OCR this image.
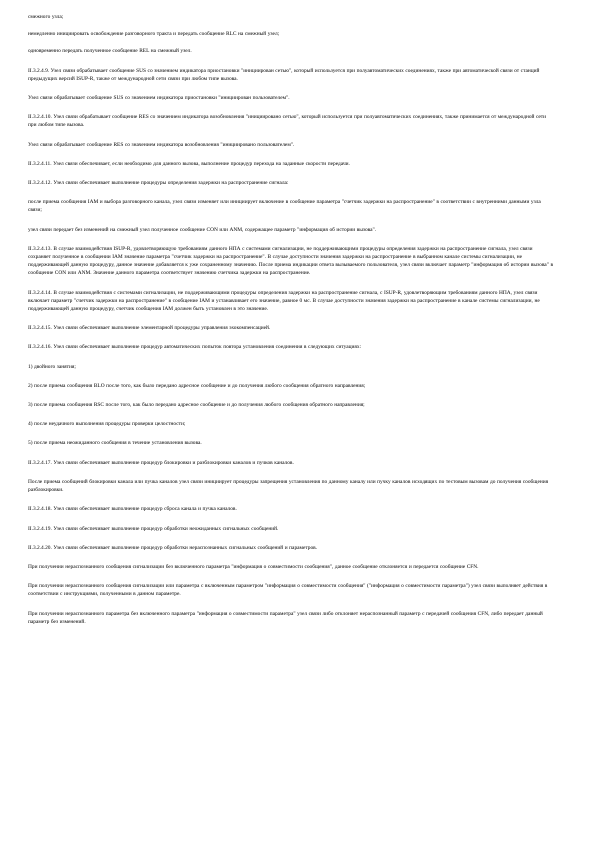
смежного узла;

немедленно инициировать освобождение разговорного тракта и передать сообщение RLC на смежный узел;

одновременно передать полученное сообщение REL на смежный узел.

II.3.2.4.9. Узел связи обрабатывает сообщение SUS со значением индикатора приостановки "инициирован сетью", который используется при полуавтоматических соединениях, также при автоматической связи от станций предыдущих версий ISUP-R, также от международной сети связи при любом типе вызова.

Узел связи обрабатывает сообщение SUS со значением индикатора приостановки "инициирован пользователем".

II.3.2.4.10. Узел связи обрабатывает сообщение RES со значением индикатора возобновления "инициировано сетью", который используется при полуавтоматических соединениях, также принимается от международной сети при любом типе вызова.

Узел связи обрабатывает сообщение RES со значением индикатора возобновления "инициировано пользователем".

II.3.2.4.11. Узел связи обеспечивает, если необходимо для данного вызова, выполнение процедур перехода на заданные скорости передачи.

II.3.2.4.12. Узел связи обеспечивает выполнение процедуры определения задержки на распространение сигнала:

после приема сообщения IAM и выбора разговорного канала, узел связи изменяет или инициирует включение в сообщение параметра "счетчик задержки на распространение" в соответствии с внутренними данными узла связи;

узел связи передает без изменений на смежный узел полученное сообщение CON или ANM, содержащее параметр "информация об истории вызова".

II.3.2.4.13. В случае взаимодействия ISUP-R, удовлетворяющую требованиям данного НПА с системами сигнализации, не поддерживающими процедуры определения задержки на распространение сигнала, узел связи сохраняет полученное в сообщении IAM значение параметра "счетчик задержки на распространение". В случае доступности значения задержки на распространение в выбранном канале системы сигнализации, не поддерживающей данную процедуру, данное значение добавляется к уже сохраненному значению. После приема индикации ответа вызываемого пользователя, узел связи включает параметр "информация об истории вызова" в сообщение CON или ANM. Значение данного параметра соответствует значению счетчика задержки на распространение.

II.3.2.4.14. В случае взаимодействия с системами сигнализации, не поддерживающими процедуры определения задержки на распространение сигнала, с ISUP-R, удовлетворяющим требованиям данного НПА, узел связи включает параметр "счетчик задержки на распространение" в сообщение IAM и устанавливает его значение, равное 0 мс. В случае доступности значения задержки на распространение в канале системы сигнализации, не поддерживающей данную процедуру, счетчик сообщения IAM должен быть установлен в это значение.

II.3.2.4.15. Узел связи обеспечивает выполнение элементарной процедуры управления эхокомпенсацией.

II.3.2.4.16. Узел связи обеспечивает выполнение процедур автоматических попыток повтора установления соединения в следующих ситуациях:

1) двойного занятия;

2) после приема сообщения BLO после того, как было передано адресное сообщение и до получения любого сообщения обратного направления;

3) после приема сообщения RSC после того, как было передано адресное сообщение и до получения любого сообщения обратного направления;

4) после неудачного выполнения процедуры проверки целостности;

5) после приема неожиданного сообщения в течение установления вызова.

II.3.2.4.17. Узел связи обеспечивает выполнение процедур блокировки и разблокировки каналов и пучков каналов.

После приема сообщений блокировки канала или пучка каналов узел связи инициирует процедуры запрещения установления по данному каналу или пучку каналов исходящих по тестовым вызовам до получения сообщения разблокировки.

II.3.2.4.18. Узел связи обеспечивает выполнение процедур сброса канала и пучка каналов.

II.3.2.4.19. Узел связи обеспечивает выполнение процедур обработки неожиданных сигнальных сообщений.

II.3.2.4.20. Узел связи обеспечивает выполнение процедур обработки нераспознанных сигнальных сообщений и параметров.

При получении нераспознанного сообщения сигнализации без включенного параметра "информация о совместимости сообщения", данное сообщение отклоняется и передается сообщение CFN.

При получении нераспознанного сообщения сигнализации или параметра с включенным параметром "информация о совместимости сообщения" ("информация о совместимости параметра") узел связи выполняет действия в соответствии с инструкциями, полученными в данном параметре.

При получении нераспознанного параметра без включенного параметра "информация о совместимости параметра" узел связи либо отклоняет нераспознанный параметр с передачей сообщения CFN, либо передает данный параметр без изменений.
